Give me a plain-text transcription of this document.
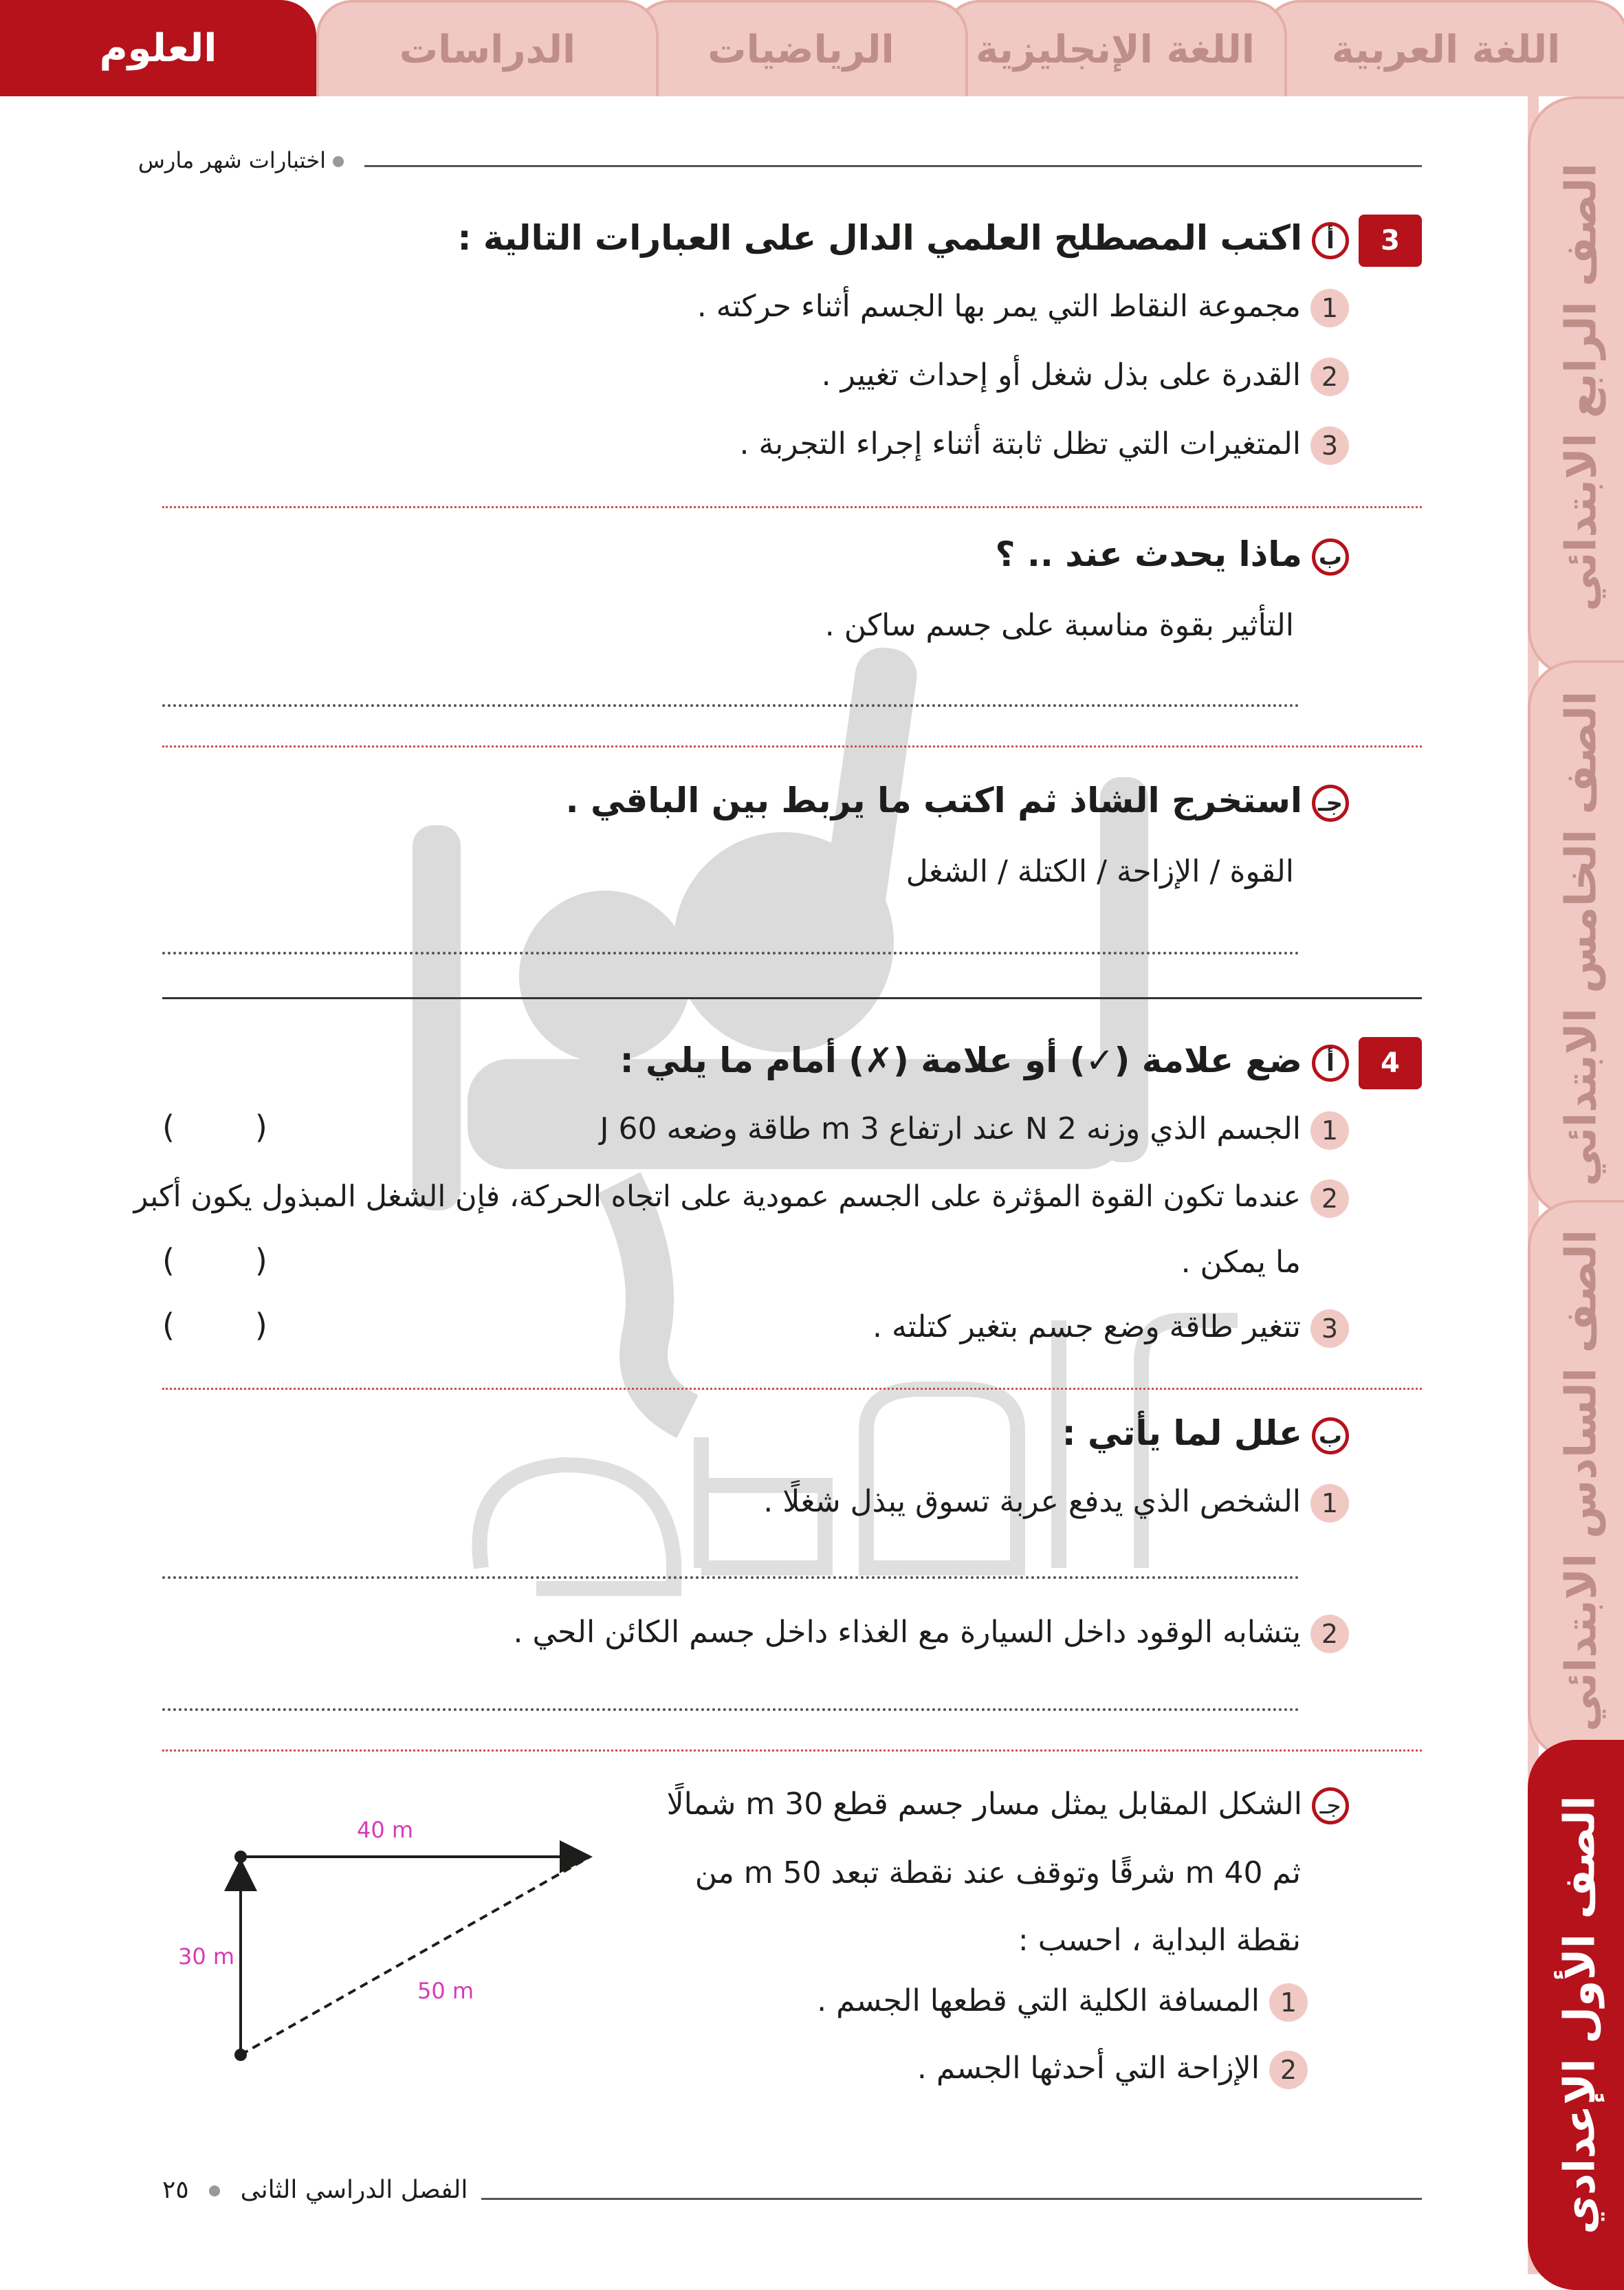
اللغة العربية
اللغة الإنجليزية
الرياضيات
الدراسات
العلوم
الصف الرابع الابتدائي
الصف الخامس الابتدائي
الصف السادس الابتدائي
الصف الأول الإعدادي
اختبارات شهر مارس
3
أاكتب المصطلح العلمي الدال على العبارات التالية :
1مجموعة النقاط التي يمر بها الجسم أثناء حركته .
2القدرة على بذل شغل أو إحداث تغيير .
3المتغيرات التي تظل ثابتة أثناء إجراء التجربة .
بماذا يحدث عند .. ؟
التأثير بقوة مناسبة على جسم ساكن .
جـاستخرج الشاذ ثم اكتب ما يربط بين الباقي .
القوة / الإزاحة / الكتلة / الشغل
4
أضع علامة (✓) أو علامة (✗) أمام ما يلي :
1الجسم الذي وزنه 2 N عند ارتفاع 3 m طاقة وضعه 60 J
(        )
2عندما تكون القوة المؤثرة على الجسم عمودية على اتجاه الحركة، فإن الشغل المبذول يكون أكبر
ما يمكن .
(        )
3تتغير طاقة وضع جسم بتغير كتلته .
(        )
بعلل لما يأتي :
1الشخص الذي يدفع عربة تسوق يبذل شغلًا .
2يتشابه الوقود داخل السيارة مع الغذاء داخل جسم الكائن الحي .
جـالشكل المقابل يمثل مسار جسم قطع 30 m شمالًا
ثم 40 m شرقًا وتوقف عند نقطة تبعد 50 m من
نقطة البداية ، احسب :
1المسافة الكلية التي قطعها الجسم .
2الإزاحة التي أحدثها الجسم .
40 m
30 m
50 m
الفصل الدراسي الثانى  ٢٥
